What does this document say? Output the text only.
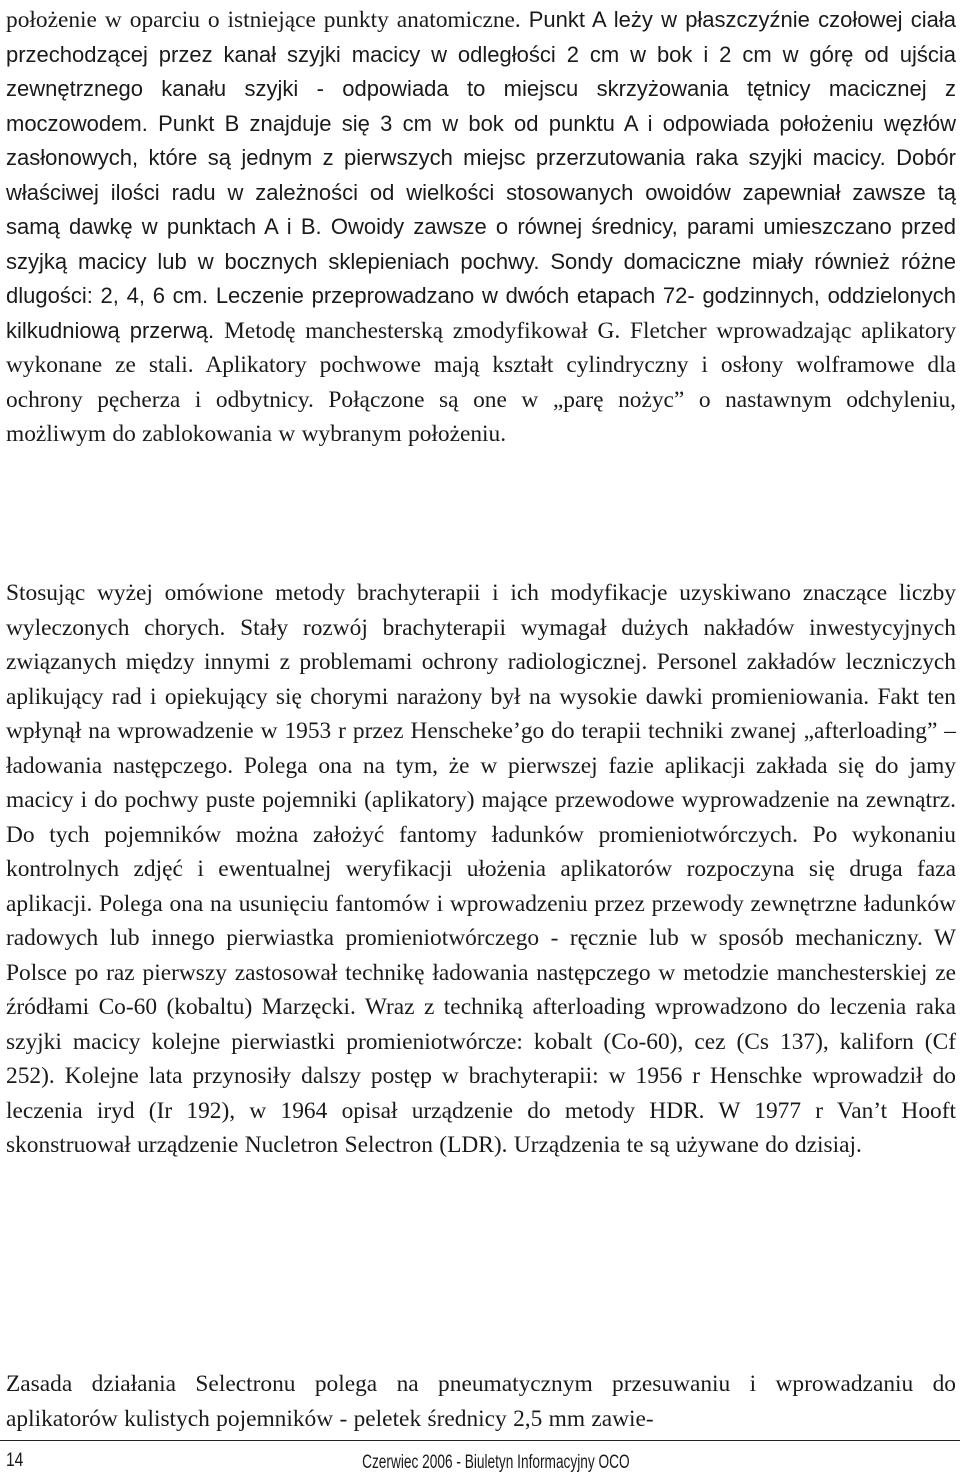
położenie w oparciu o istniejące punkty anatomiczne. Punkt A leży w płaszczyźnie czołowej ciała przechodzącej przez kanał szyjki macicy w odległości 2 cm w bok i 2 cm w górę od ujścia zewnętrznego kanału szyjki - odpowiada to miejscu skrzyżowania tętnicy macicznej z moczowodem. Punkt B znajduje się 3 cm w bok od punktu A i odpowiada położeniu węzłów zasłonowych, które są jednym z pierwszych miejsc przerzutowania raka szyjki macicy. Dobór właściwej ilości radu w zależności od wielkości stosowanych owoidów zapewniał zawsze tą samą dawkę w punktach A i B. Owoidy zawsze o równej średnicy, parami umieszczano przed szyjką macicy lub w bocznych sklepieniach pochwy. Sondy domaciczne miały również różne dlugości: 2, 4, 6 cm. Leczenie przeprowadzano w dwóch etapach 72- godzinnych, oddzielonych kilkudniową przerwą. Metodę manchesterską zmodyfikował G. Fletcher wprowadzając aplikatory wykonane ze stali. Aplikatory pochwowe mają kształt cylindryczny i osłony wolframowe dla ochrony pęcherza i odbytnicy. Połączone są one w „parę nożyc” o nastawnym odchyleniu, możliwym do zablokowania w wybranym położeniu.

Stosując wyżej omówione metody brachyterapii i ich modyfikacje uzyskiwano znaczące liczby wyleczonych chorych. Stały rozwój brachyterapii wymagał dużych nakładów inwestycyjnych związanych między innymi z problemami ochrony radiologicznej. Personel zakładów leczniczych aplikujący rad i opiekujący się chorymi narażony był na wysokie dawki promieniowania. Fakt ten wpłynął na wprowadzenie w 1953 r przez Henscheke’go do terapii techniki zwanej „afterloading” – ładowania następczego. Polega ona na tym, że w pierwszej fazie aplikacji zakłada się do jamy macicy i do pochwy puste pojemniki (aplikatory) mające przewodowe wyprowadzenie na zewnątrz. Do tych pojemników można założyć fantomy ładunków promieniotwórczych. Po wykonaniu kontrolnych zdjęć i ewentualnej weryfikacji ułożenia aplikatorów rozpoczyna się druga faza aplikacji. Polega ona na usunięciu fantomów i wprowadzeniu przez przewody zewnętrzne ładunków radowych lub innego pierwiastka promieniotwórczego - ręcznie lub w sposób mechaniczny. W Polsce po raz pierwszy zastosował technikę ładowania następczego w metodzie manchesterskiej ze źródłami Co-60 (kobaltu) Marzęcki. Wraz z techniką afterloading wprowadzono do leczenia raka szyjki macicy kolejne pierwiastki promieniotwórcze: kobalt (Co-60), cez (Cs 137), kaliforn (Cf 252). Kolejne lata przynosiły dalszy postęp w brachyterapii: w 1956 r Henschke wprowadził do leczenia iryd (Ir 192), w 1964 opisał urządzenie do metody HDR. W 1977 r Van’t Hooft skonstruował urządzenie Nucletron Selectron (LDR). Urządzenia te są używane do dzisiaj.

Zasada działania Selectronu polega na pneumatycznym przesuwaniu i wprowadzaniu do aplikatorów kulistych pojemników - peletek średnicy 2,5 mm zawie-

14	Czerwiec 2006 - Biuletyn Informacyjny OCO
